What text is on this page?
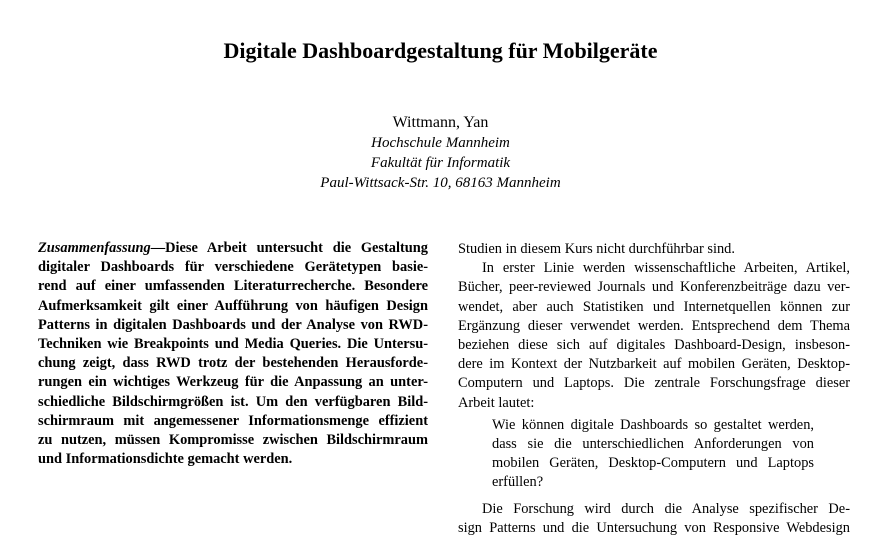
Digitale Dashboardgestaltung für Mobilgeräte
Wittmann, Yan
Hochschule Mannheim
Fakultät für Informatik
Paul-Wittsack-Str. 10, 68163 Mannheim
Zusammenfassung—Diese Arbeit untersucht die Gestaltung
digitaler Dashboards für verschiedene Gerätetypen basie-
rend auf einer umfassenden Literaturrecherche. Besondere
Aufmerksamkeit gilt einer Aufführung von häufigen Design
Patterns in digitalen Dashboards und der Analyse von RWD-
Techniken wie Breakpoints und Media Queries. Die Untersu-
chung zeigt, dass RWD trotz der bestehenden Herausforde-
rungen ein wichtiges Werkzeug für die Anpassung an unter-
schiedliche Bildschirmgrößen ist. Um den verfügbaren Bild-
schirmraum mit angemessener Informationsmenge effizient
zu nutzen, müssen Kompromisse zwischen Bildschirmraum
und Informationsdichte gemacht werden.
Studien in diesem Kurs nicht durchführbar sind.
In erster Linie werden wissenschaftliche Arbeiten, Artikel,
Bücher, peer-reviewed Journals und Konferenzbeiträge dazu ver-
wendet, aber auch Statistiken und Internetquellen können zur
Ergänzung dieser verwendet werden. Entsprechend dem Thema
beziehen diese sich auf digitales Dashboard-Design, insbeson-
dere im Kontext der Nutzbarkeit auf mobilen Geräten, Desktop-
Computern und Laptops. Die zentrale Forschungsfrage dieser
Arbeit lautet:
Wie können digitale Dashboards so gestaltet werden,
dass sie die unterschiedlichen Anforderungen von
mobilen Geräten, Desktop-Computern und Laptops
erfüllen?
Die Forschung wird durch die Analyse spezifischer De-
sign Patterns und die Untersuchung von Responsive Webdesign
